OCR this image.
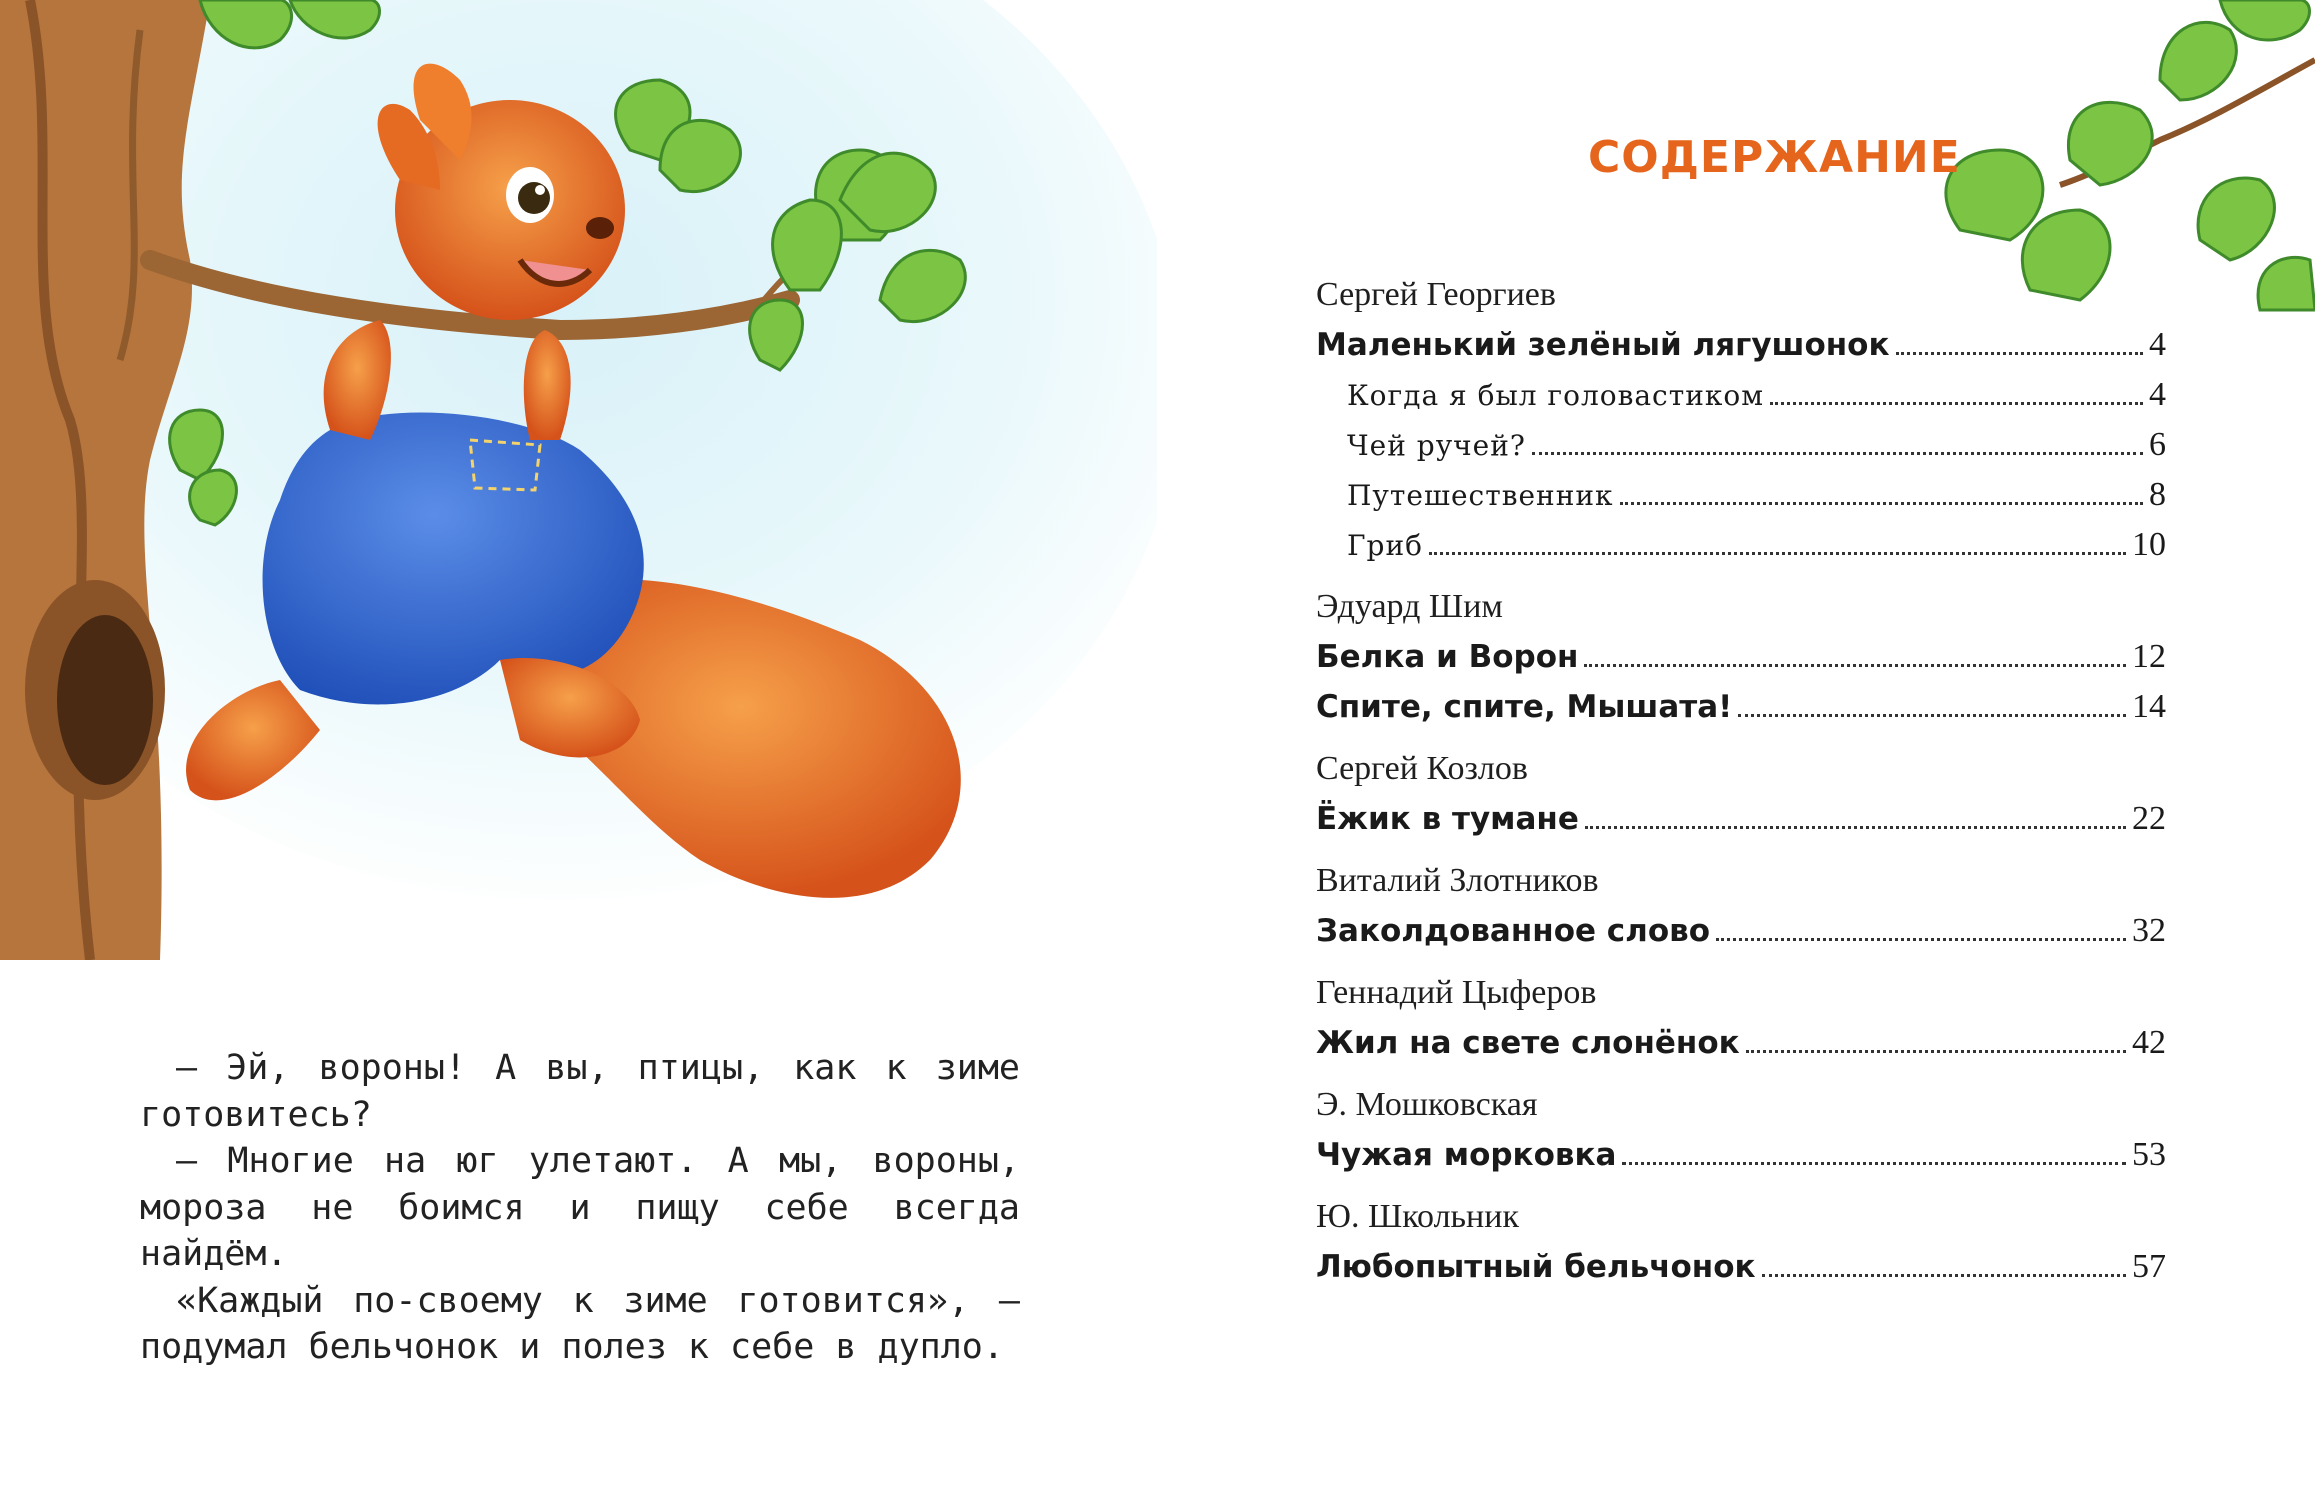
— Эй, вороны! А вы, птицы, как к зиме готовитесь?

— Многие на юг улетают. А мы, вороны, мороза не боимся и пищу себе всегда найдём.

«Каждый по-своему к зиме готовится», — подумал бельчонок и полез к себе в дупло.

СОДЕРЖАНИЕ
Сергей Георгиев
Маленький зелёный лягушонок	4
Когда я был головастиком	4
Чей ручей?	6
Путешественник	8
Гриб	10
Эдуард Шим
Белка и Ворон	12
Спите, спите, Мышата!	14
Сергей Козлов
Ёжик в тумане	22
Виталий Злотников
Заколдованное слово	32
Геннадий Цыферов
Жил на свете слонёнок	42
Э. Мошковская
Чужая морковка	53
Ю. Школьник
Любопытный бельчонок	57
